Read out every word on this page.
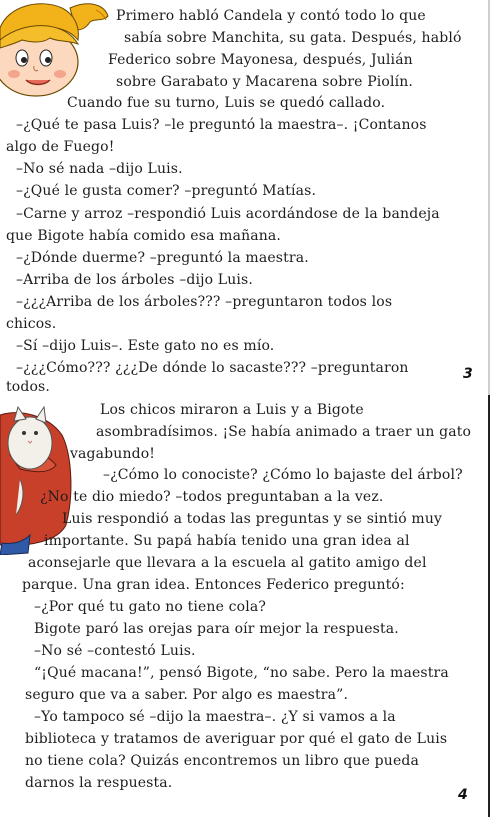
Primero habló Candela y contó todo lo que
sabía sobre Manchita, su gata. Después, habló
Federico sobre Mayonesa, después, Julián
sobre Garabato y Macarena sobre Piolín.
Cuando fue su turno, Luis se quedó callado.
–¿Qué te pasa Luis? –le preguntó la maestra–. ¡Contanos
algo de Fuego!
–No sé nada –dijo Luis.
–¿Qué le gusta comer? –preguntó Matías.
–Carne y arroz –respondió Luis acordándose de la bandeja
que Bigote había comido esa mañana.
–¿Dónde duerme? –preguntó la maestra.
–Arriba de los árboles –dijo Luis.
–¿¿¿Arriba de los árboles??? –preguntaron todos los
chicos.
–Sí –dijo Luis–. Este gato no es mío.
–¿¿¿Cómo??? ¿¿¿De dónde lo sacaste??? –preguntaron
todos.
3
Los chicos miraron a Luis y a Bigote
asombradísimos. ¡Se había animado a traer un gato
vagabundo!
–¿Cómo lo conociste? ¿Cómo lo bajaste del árbol?
¿No te dio miedo? –todos preguntaban a la vez.
Luis respondió a todas las preguntas y se sintió muy
importante. Su papá había tenido una gran idea al
aconsejarle que llevara a la escuela al gatito amigo del
parque. Una gran idea. Entonces Federico preguntó:
–¿Por qué tu gato no tiene cola?
Bigote paró las orejas para oír mejor la respuesta.
–No sé –contestó Luis.
“¡Qué macana!”, pensó Bigote, “no sabe. Pero la maestra
seguro que va a saber. Por algo es maestra”.
–Yo tampoco sé –dijo la maestra–. ¿Y si vamos a la
biblioteca y tratamos de averiguar por qué el gato de Luis
no tiene cola? Quizás encontremos un libro que pueda
darnos la respuesta.
4
